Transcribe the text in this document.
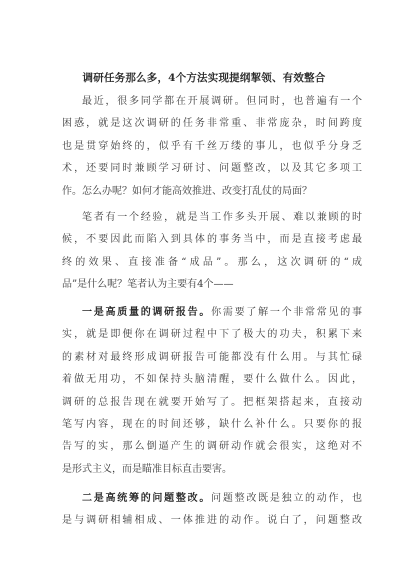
调研任务那么多，4个方法实现提纲挈领、有效整合
最近，很多同学都在开展调研。但同时，也普遍有一个
困惑，就是这次调研的任务非常重、非常庞杂，时间跨度
也是贯穿始终的，似乎有千丝万缕的事儿，也似乎分身乏
术，还要同时兼顾学习研讨、问题整改，以及其它多项工
作。怎么办呢？如何才能高效推进、改变打乱仗的局面？
笔者有一个经验，就是当工作多头开展、难以兼顾的时
候，不要因此而陷入到具体的事务当中，而是直接考虑最
终的效果、直接准备“成品”。那么，这次调研的“成
品”是什么呢？笔者认为主要有4个——
一是高质量的调研报告。你需要了解一个非常常见的事
实，就是即便你在调研过程中下了极大的功夫，积累下来
的素材对最终形成调研报告可能都没有什么用。与其忙碌
着做无用功，不如保持头脑清醒，要什么做什么。因此，
调研的总报告现在就要开始写了。把框架搭起来，直接动
笔写内容，现在的时间还够，缺什么补什么。只要你的报
告写的实，那么倒逼产生的调研动作就会很实，这绝对不
是形式主义，而是瞄准目标直击要害。
二是高统筹的问题整改。问题整改既是独立的动作，也
是与调研相辅相成、一体推进的动作。说白了，问题整改
